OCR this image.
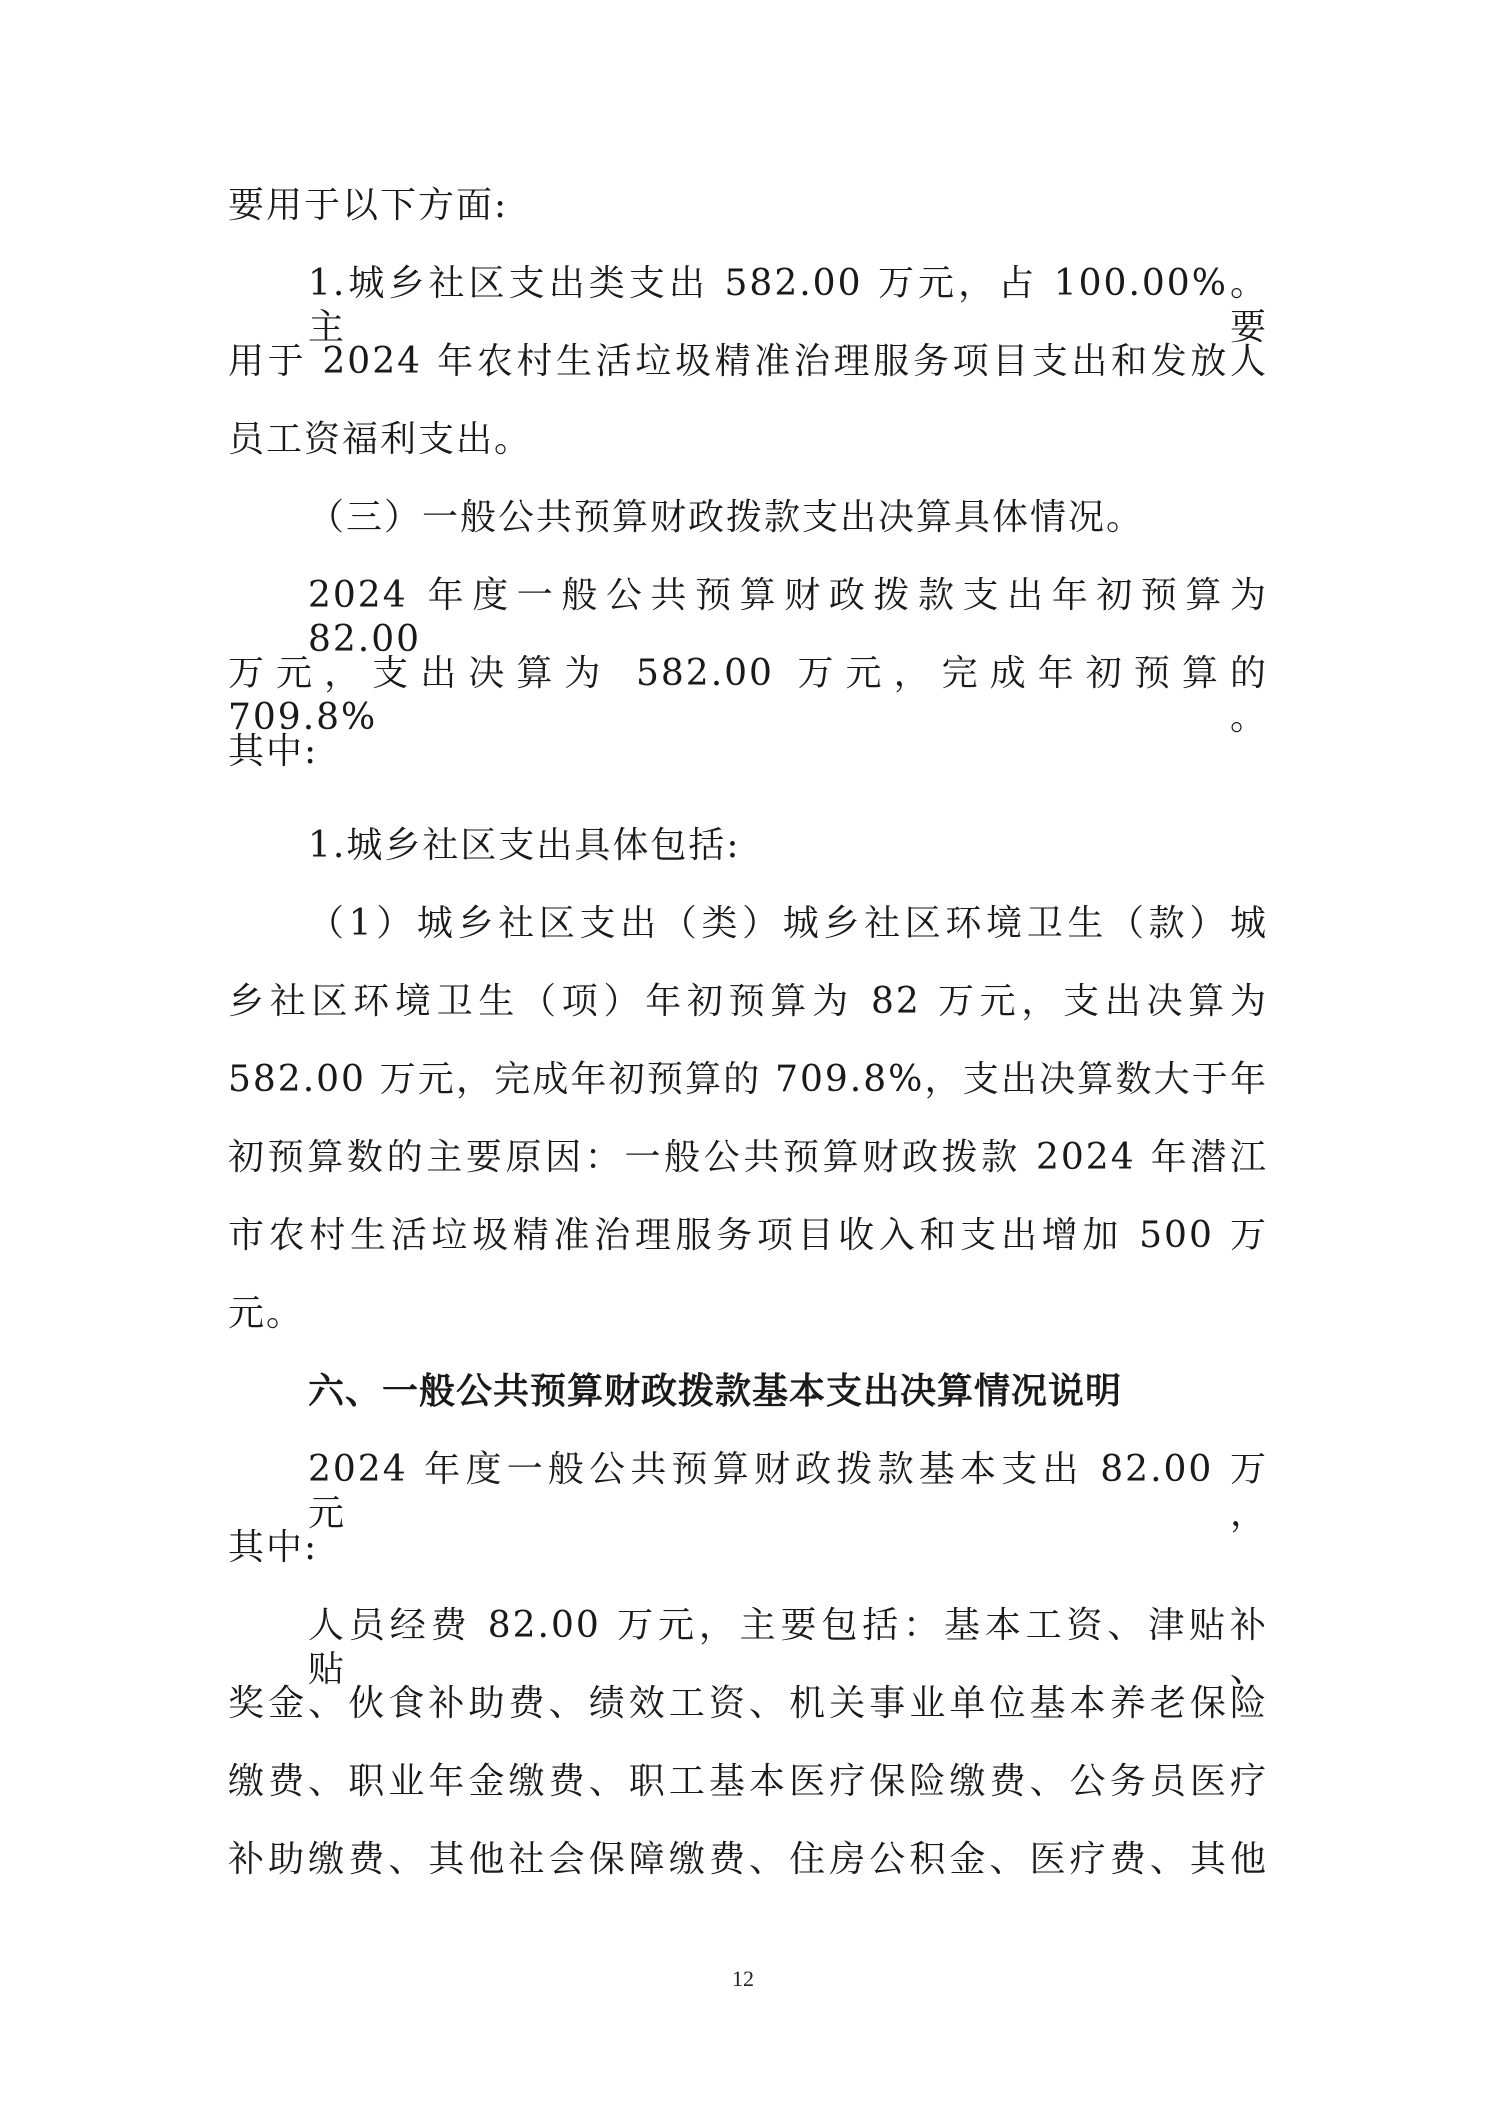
要用于以下方面:
1.城乡社区支出类支出 582.00 万元，占 100.00%。主要
用于 2024 年农村生活垃圾精准治理服务项目支出和发放人
员工资福利支出。
（三）一般公共预算财政拨款支出决算具体情况。
2024 年度一般公共预算财政拨款支出年初预算为 82.00
万元，支出决算为 582.00 万元，完成年初预算的 709.8%。
其中:
1.城乡社区支出具体包括:
（1）城乡社区支出（类）城乡社区环境卫生（款）城
乡社区环境卫生（项）年初预算为 82 万元，支出决算为
582.00 万元，完成年初预算的 709.8%，支出决算数大于年
初预算数的主要原因：一般公共预算财政拨款 2024 年潜江
市农村生活垃圾精准治理服务项目收入和支出增加 500 万
元。
六、一般公共预算财政拨款基本支出决算情况说明
2024 年度一般公共预算财政拨款基本支出 82.00 万元，
其中:
人员经费 82.00 万元，主要包括：基本工资、津贴补贴、
奖金、伙食补助费、绩效工资、机关事业单位基本养老保险
缴费、职业年金缴费、职工基本医疗保险缴费、公务员医疗
补助缴费、其他社会保障缴费、住房公积金、医疗费、其他
12
